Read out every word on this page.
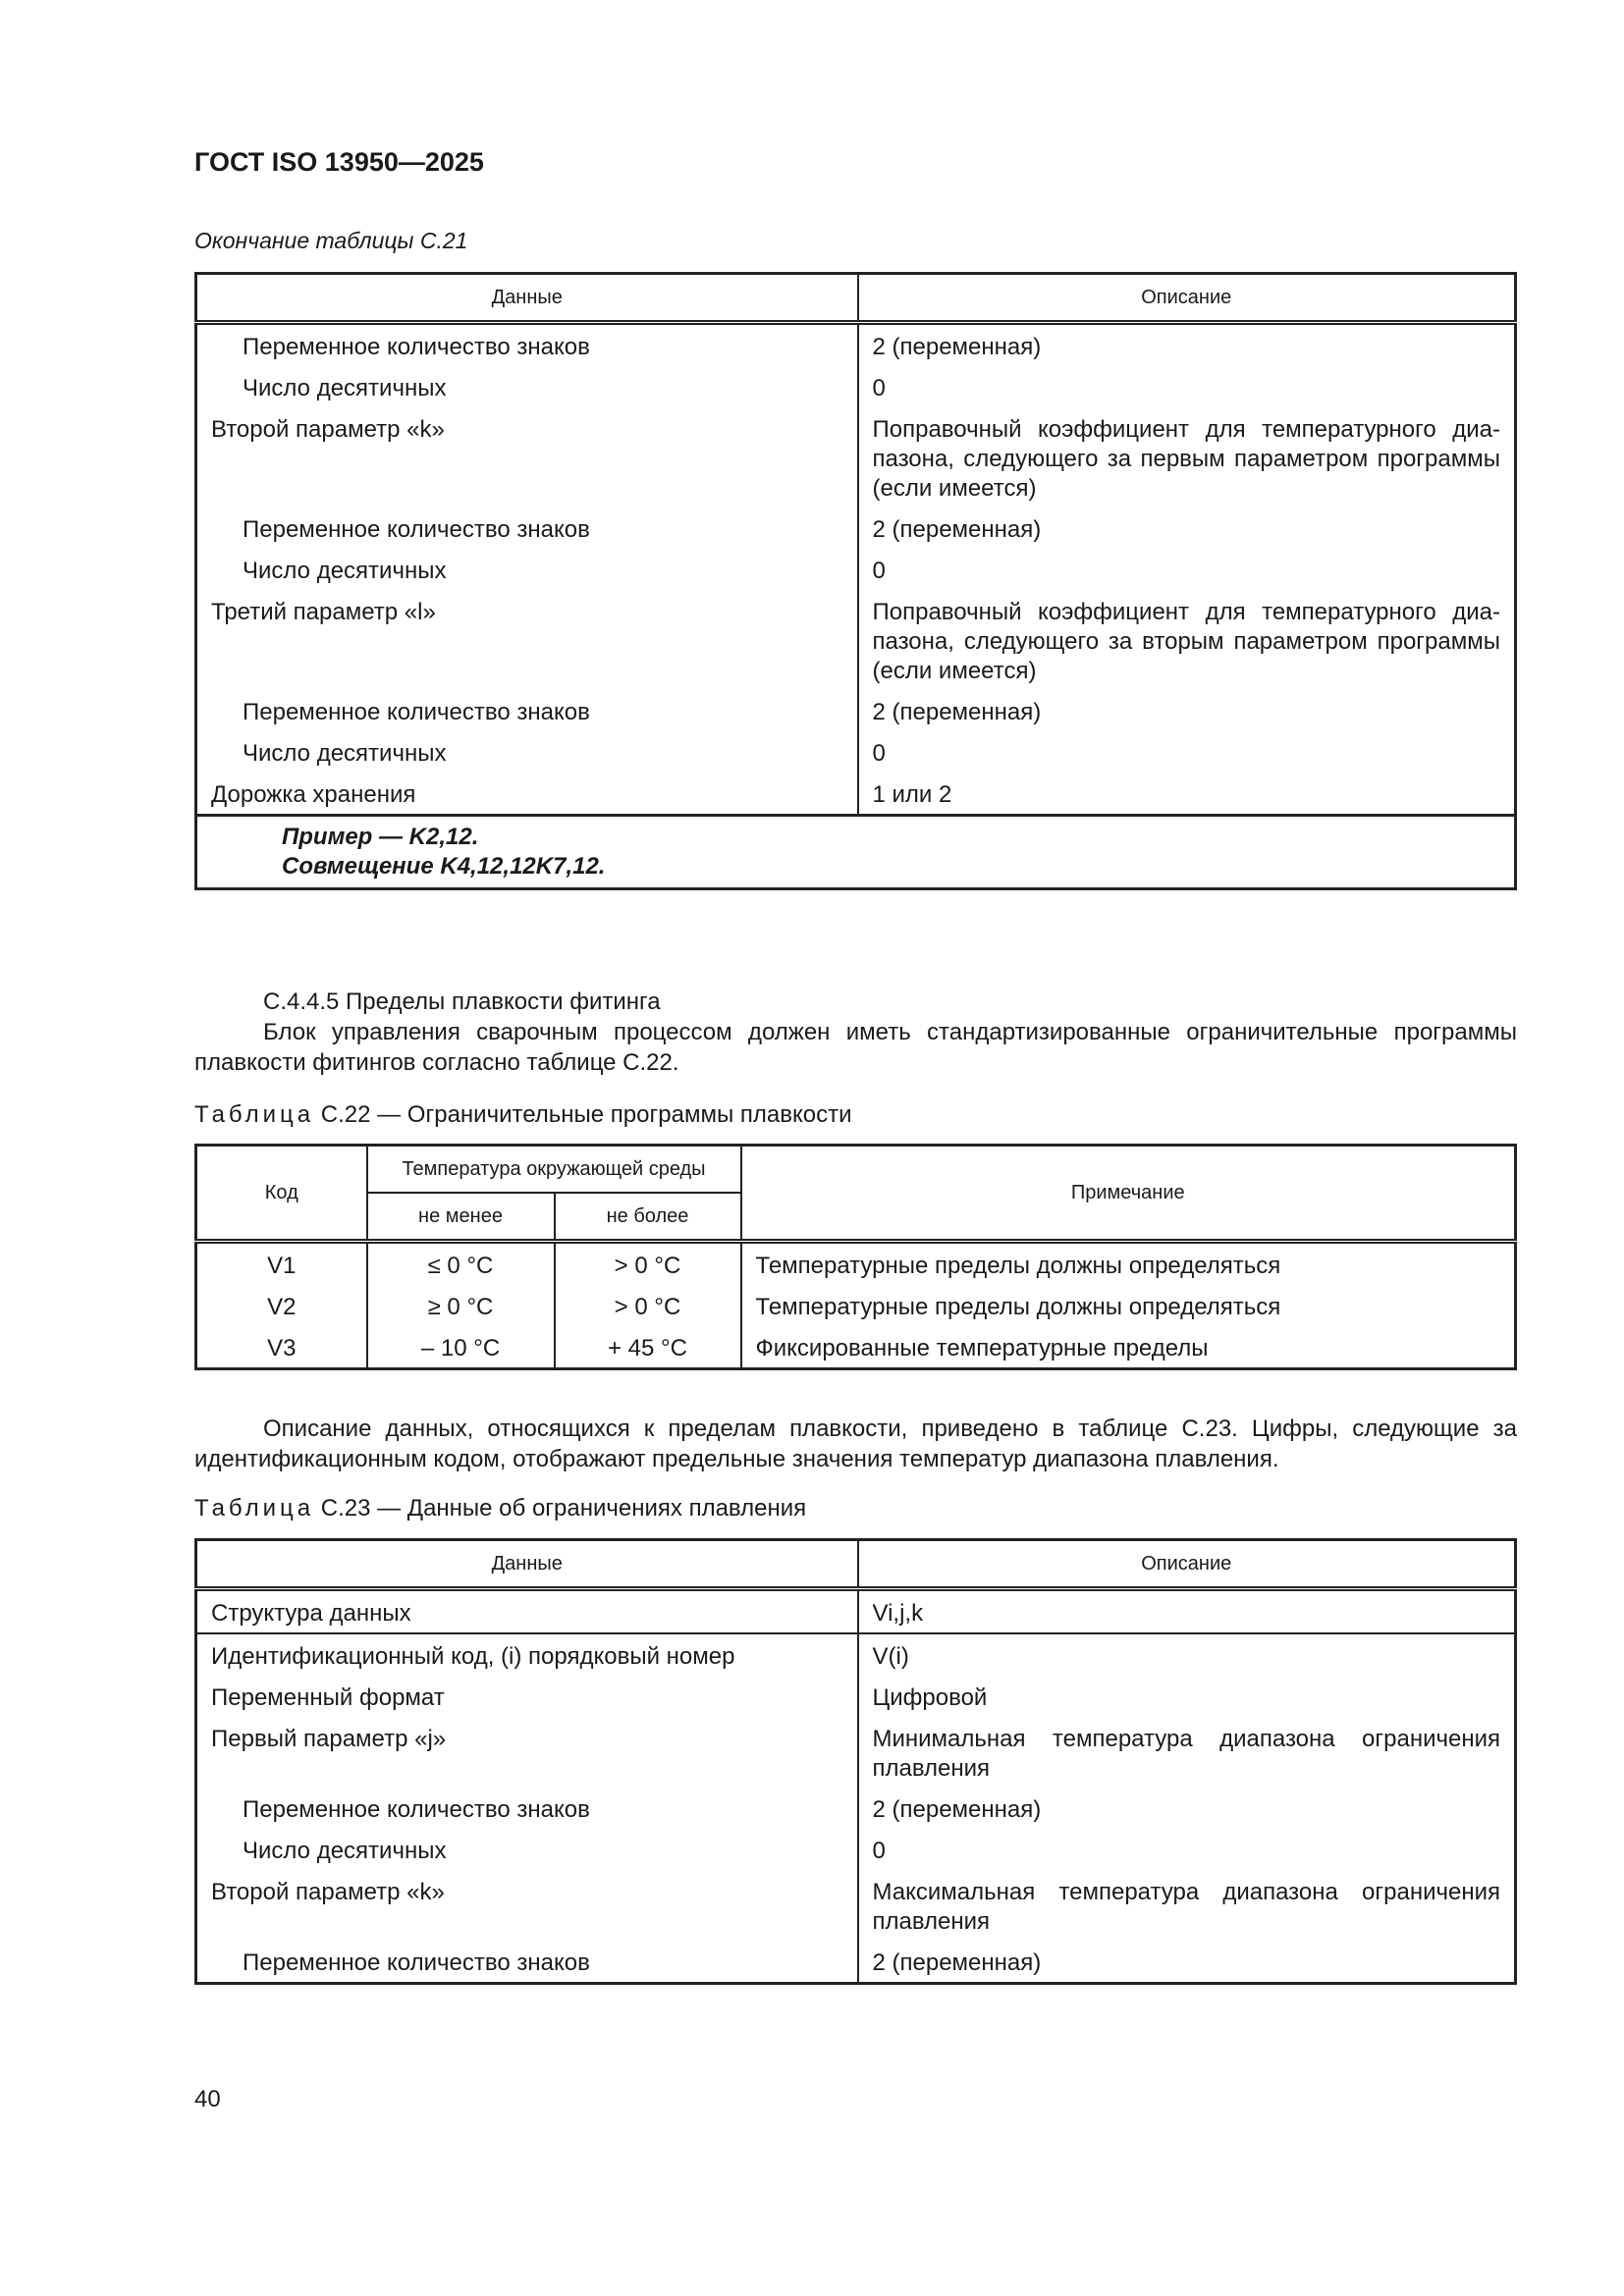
ГОСТ ISO 13950—2025
Окончание таблицы С.21
Данные	Описание
Переменное количество знаков	2 (переменная)
Число десятичных	0
Второй параметр «k»	Поправочный коэффициент для температурного диапазона, следующего за первым параметром программы (если имеется)
Переменное количество знаков	2 (переменная)
Число десятичных	0
Третий параметр «l»	Поправочный коэффициент для температурного диапазона, следующего за вторым параметром программы (если имеется)
Переменное количество знаков	2 (переменная)
Число десятичных	0
Дорожка хранения	1 или 2

Пример — K2,12.
Совмещение K4,12,12K7,12.	
С.4.4.5 Пределы плавкости фитинга
Блок управления сварочным процессом должен иметь стандартизированные ограничительные программы плавкости фитингов согласно таблице С.22.
Таблица С.22 — Ограничительные программы плавкости
Код	Температура окружающей среды		Примечание
	не менее	не более	
V1	≤ 0 °C	> 0 °C	Температурные пределы должны определяться
V2	≥ 0 °C	> 0 °C	Температурные пределы должны определяться
V3	– 10 °C	+ 45 °C	Фиксированные температурные пределы
Описание данных, относящихся к пределам плавкости, приведено в таблице С.23. Цифры, следующие за идентификационным кодом, отображают предельные значения температур диапазона плавления.
Таблица С.23 — Данные об ограничениях плавления
Данные	Описание
Структура данных	Vi,j,k
Идентификационный код, (i) порядковый номер	V(i)
Переменный формат	Цифровой
Первый параметр «j»	Минимальная температура диапазона ограничения плавления
Переменное количество знаков	2 (переменная)
Число десятичных	0
Второй параметр «k»	Максимальная температура диапазона ограничения плавления
Переменное количество знаков	2 (переменная)
40
